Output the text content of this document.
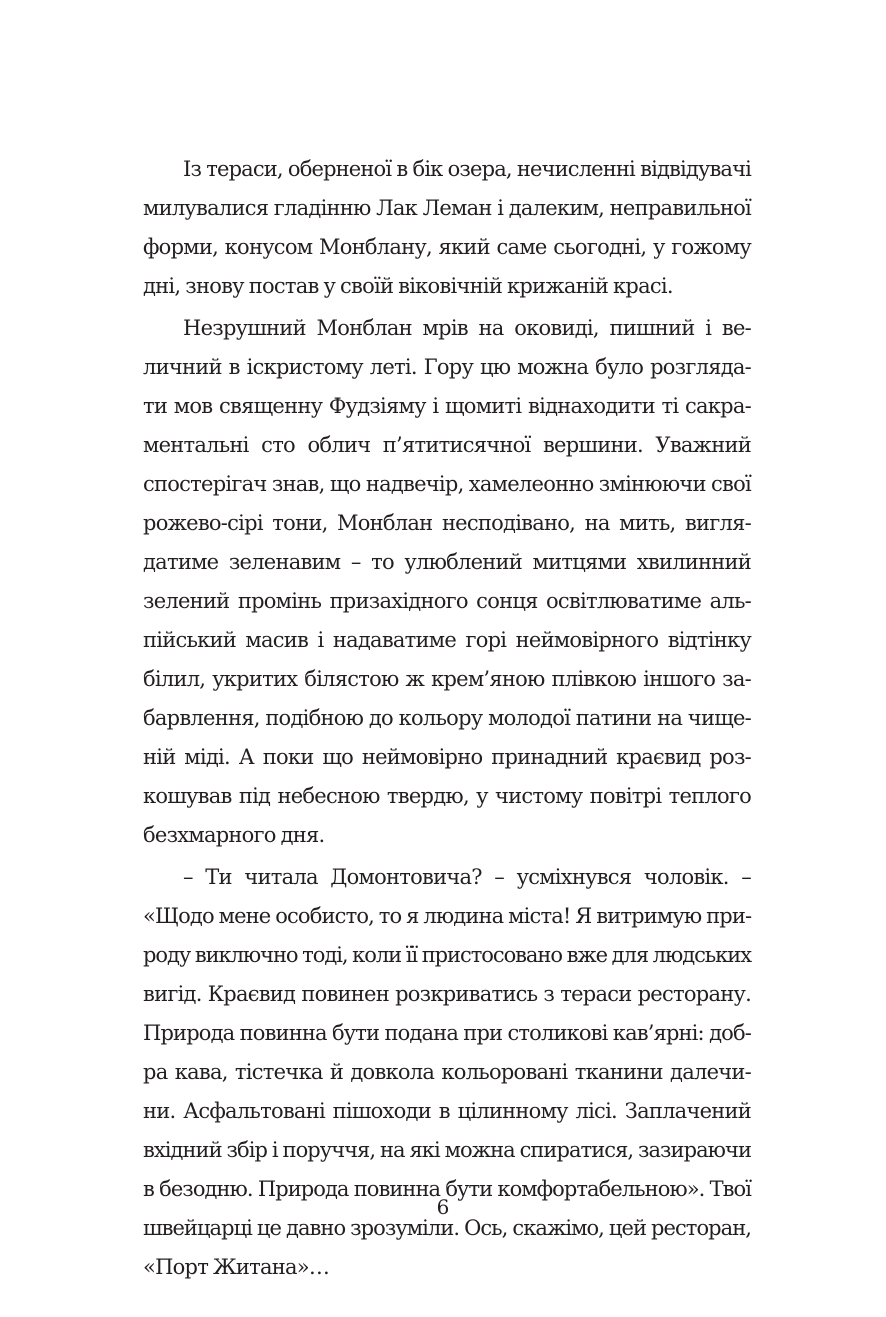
Із тераси, оберненої в бік озера, нечисленні відвідувачі
милувалися гладінню Лак Леман і далеким, неправильної
форми, конусом Монблану, який саме сьогодні, у гожому
дні, знову постав у своїй віковічній крижаній красі.
Незрушний Монблан мрів на оковиді, пишний і ве-
личний в іскристому леті. Гору цю можна було розгляда-
ти мов священну Фудзіяму і щомиті віднаходити ті сакра-
ментальні сто облич п’ятитисячної вершини. Уважний
спостерігач знав, що надвечір, хамелеонно змінюючи свої
рожево-сірі тони, Монблан несподівано, на мить, вигля-
датиме зеленавим – то улюблений митцями хвилинний
зелений промінь призахідного сонця освітлюватиме аль-
пійський масив і надаватиме горі неймовірного відтінку
білил, укритих білястою ж крем’яною плівкою іншого за-
барвлення, подібною до кольору молодої патини на чище-
ній міді. А поки що неймовірно принадний краєвид роз-
кошував під небесною твердю, у чистому повітрі теплого
безхмарного дня.
– Ти читала Домонтовича? – усміхнувся чоловік. –
«Щодо мене особисто, то я людина міста! Я витримую при-
роду виключно тоді, коли її пристосовано вже для людських
вигід. Краєвид повинен розкриватись з тераси ресторану.
Природа повинна бути подана при столикові кав’ярні: доб-
ра кава, тістечка й довкола кольоровані тканини далечи-
ни. Асфальтовані пішоходи в цілинному лісі. Заплачений
вхідний збір і поруччя, на які можна спиратися, зазираючи
в безодню. Природа повинна бути комфортабельною». Твої
швейцарці це давно зрозуміли. Ось, скажімо, цей ресторан,
«Порт Житана»…
6
